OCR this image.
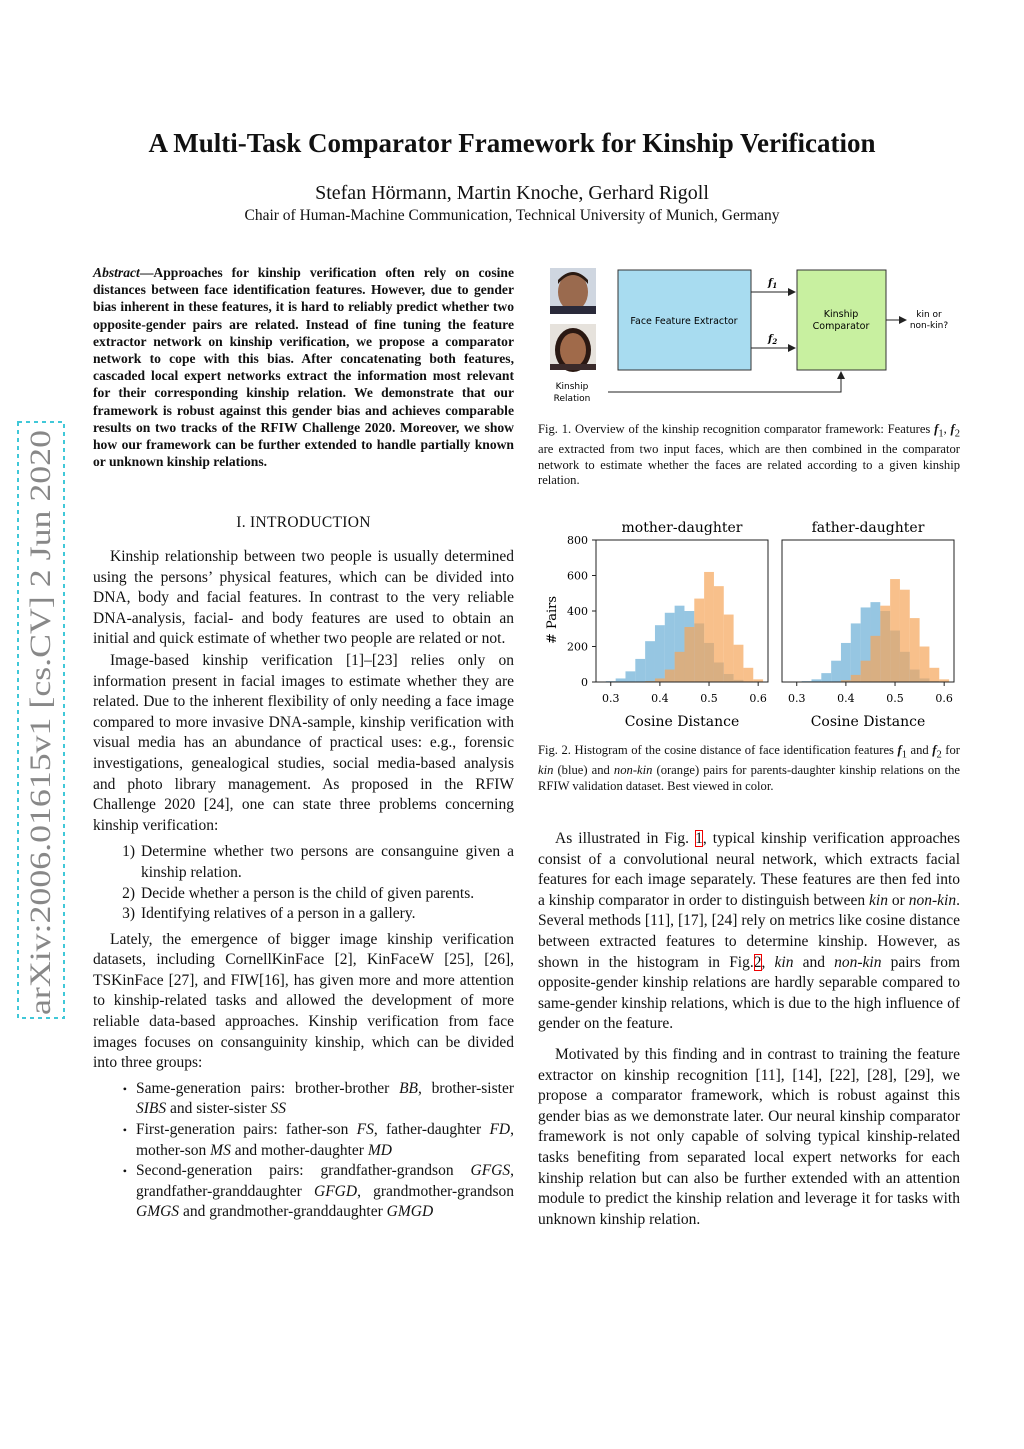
arXiv:2006.01615v1 [cs.CV] 2 Jun 2020
A Multi-Task Comparator Framework for Kinship Verification
Stefan Hörmann, Martin Knoche, Gerhard Rigoll
Chair of Human-Machine Communication, Technical University of Munich, Germany
Abstract—Approaches for kinship verification often rely on cosine distances between face identification features. However, due to gender bias inherent in these features, it is hard to reliably predict whether two opposite-gender pairs are related. Instead of fine tuning the feature extractor network on kinship verification, we propose a comparator network to cope with this bias. After concatenating both features, cascaded local expert networks extract the information most relevant for their corresponding kinship relation. We demonstrate that our framework is robust against this gender bias and achieves comparable results on two tracks of the RFIW Challenge 2020. Moreover, we show how our framework can be further extended to handle partially known or unknown kinship relations.
I. INTRODUCTION

Kinship relationship between two people is usually determined using the persons’ physical features, which can be divided into DNA, body and facial features. In contrast to the very reliable DNA-analysis, facial- and body features are used to obtain an initial and quick estimate of whether two people are related or not.

Image-based kinship verification [1]–[23] relies only on information present in facial images to estimate whether they are related. Due to the inherent flexibility of only needing a face image compared to more invasive DNA-sample, kinship verification with visual media has an abundance of practical uses: e.g., forensic investigations, genealogical studies, social media-based analysis and photo library management. As proposed in the RFIW Challenge 2020 [24], one can state three problems concerning kinship verification:

1) Determine whether two persons are consanguine given a kinship relation.
2) Decide whether a person is the child of given parents.
3) Identifying relatives of a person in a gallery.

Lately, the emergence of bigger image kinship verification datasets, including CornellKinFace [2], KinFaceW [25], [26], TSKinFace [27], and FIW[16], has given more and more attention to kinship-related tasks and allowed the development of more reliable data-based approaches. Kinship verification from face images focuses on consanguinity kinship, which can be divided into three groups:

• Same-generation pairs: brother-brother BB, brother-sister SIBS and sister-sister SS
• First-generation pairs: father-son FS, father-daughter FD, mother-son MS and mother-daughter MD
• Second-generation pairs: grandfather-grandson GFGS, grandfather-granddaughter GFGD, grandmother-grandson GMGS and grandmother-granddaughter GMGD
Face Feature Extractor
Kinship
Comparator
$f_1$
$f_2$
kin or
non-kin?
Kinship
Relation
Fig. 1. Overview of the kinship recognition comparator framework: Features $f_1$, $f_2$ are extracted from two input faces, which are then combined in the comparator network to estimate whether the faces are related according to a given kinship relation.
mother-daughter
0.3	0.4	0.5	0.6
Cosine Distance
0
200
400
600
800
father-daughter
0.3	0.4	0.5	0.6
Cosine Distance
# Pairs
Fig. 2. Histogram of the cosine distance of face identification features $f_1$ and $f_2$ for kin (blue) and non-kin (orange) pairs for parents-daughter kinship relations on the RFIW validation dataset. Best viewed in color.

As illustrated in Fig. 1, typical kinship verification approaches consist of a convolutional neural network, which extracts facial features for each image separately. These features are then fed into a kinship comparator in order to distinguish between kin or non-kin. Several methods [11], [17], [24] rely on metrics like cosine distance between extracted features to determine kinship. However, as shown in the histogram in Fig.2, kin and non-kin pairs from opposite-gender kinship relations are hardly separable compared to same-gender kinship relations, which is due to the high influence of gender on the feature.

Motivated by this finding and in contrast to training the feature extractor on kinship recognition [11], [14], [22], [28], [29], we propose a comparator framework, which is robust against this gender bias as we demonstrate later. Our neural kinship comparator framework is not only capable of solving typical kinship-related tasks benefiting from separated local expert networks for each kinship relation but can also be further extended with an attention module to predict the kinship relation and leverage it for tasks with unknown kinship relation.
